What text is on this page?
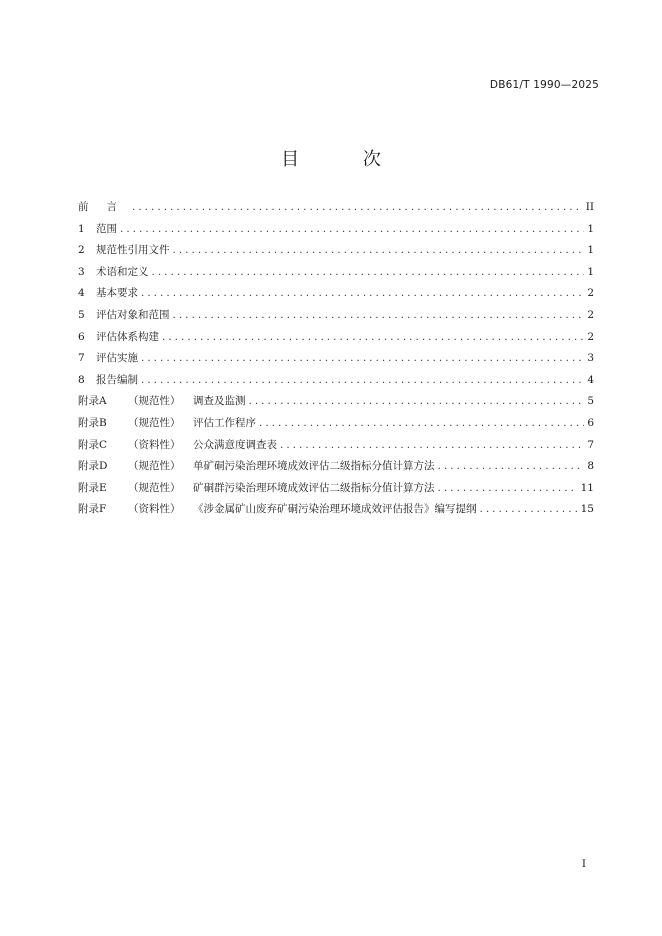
DB61/T 1990—2025
目 次
前言 .....	II
1 范围 .....	1
2 规范性引用文件 .....	1
3 术语和定义 .....	1
4 基本要求 .....	2
5 评估对象和范围 .....	2
6 评估体系构建 .....	2
7 评估实施 .....	3
8 报告编制 .....	4
附录A （规范性） 调查及监测 .....	5
附录B （规范性） 评估工作程序 .....	6
附录C （资料性） 公众满意度调查表 .....	7
附录D （规范性） 单矿硐污染治理环境成效评估二级指标分值计算方法 .....	8
附录E （规范性） 矿硐群污染治理环境成效评估二级指标分值计算方法 .....	11
附录F （资料性） 《涉金属矿山废弃矿硐污染治理环境成效评估报告》编写提纲 .....	15
I
